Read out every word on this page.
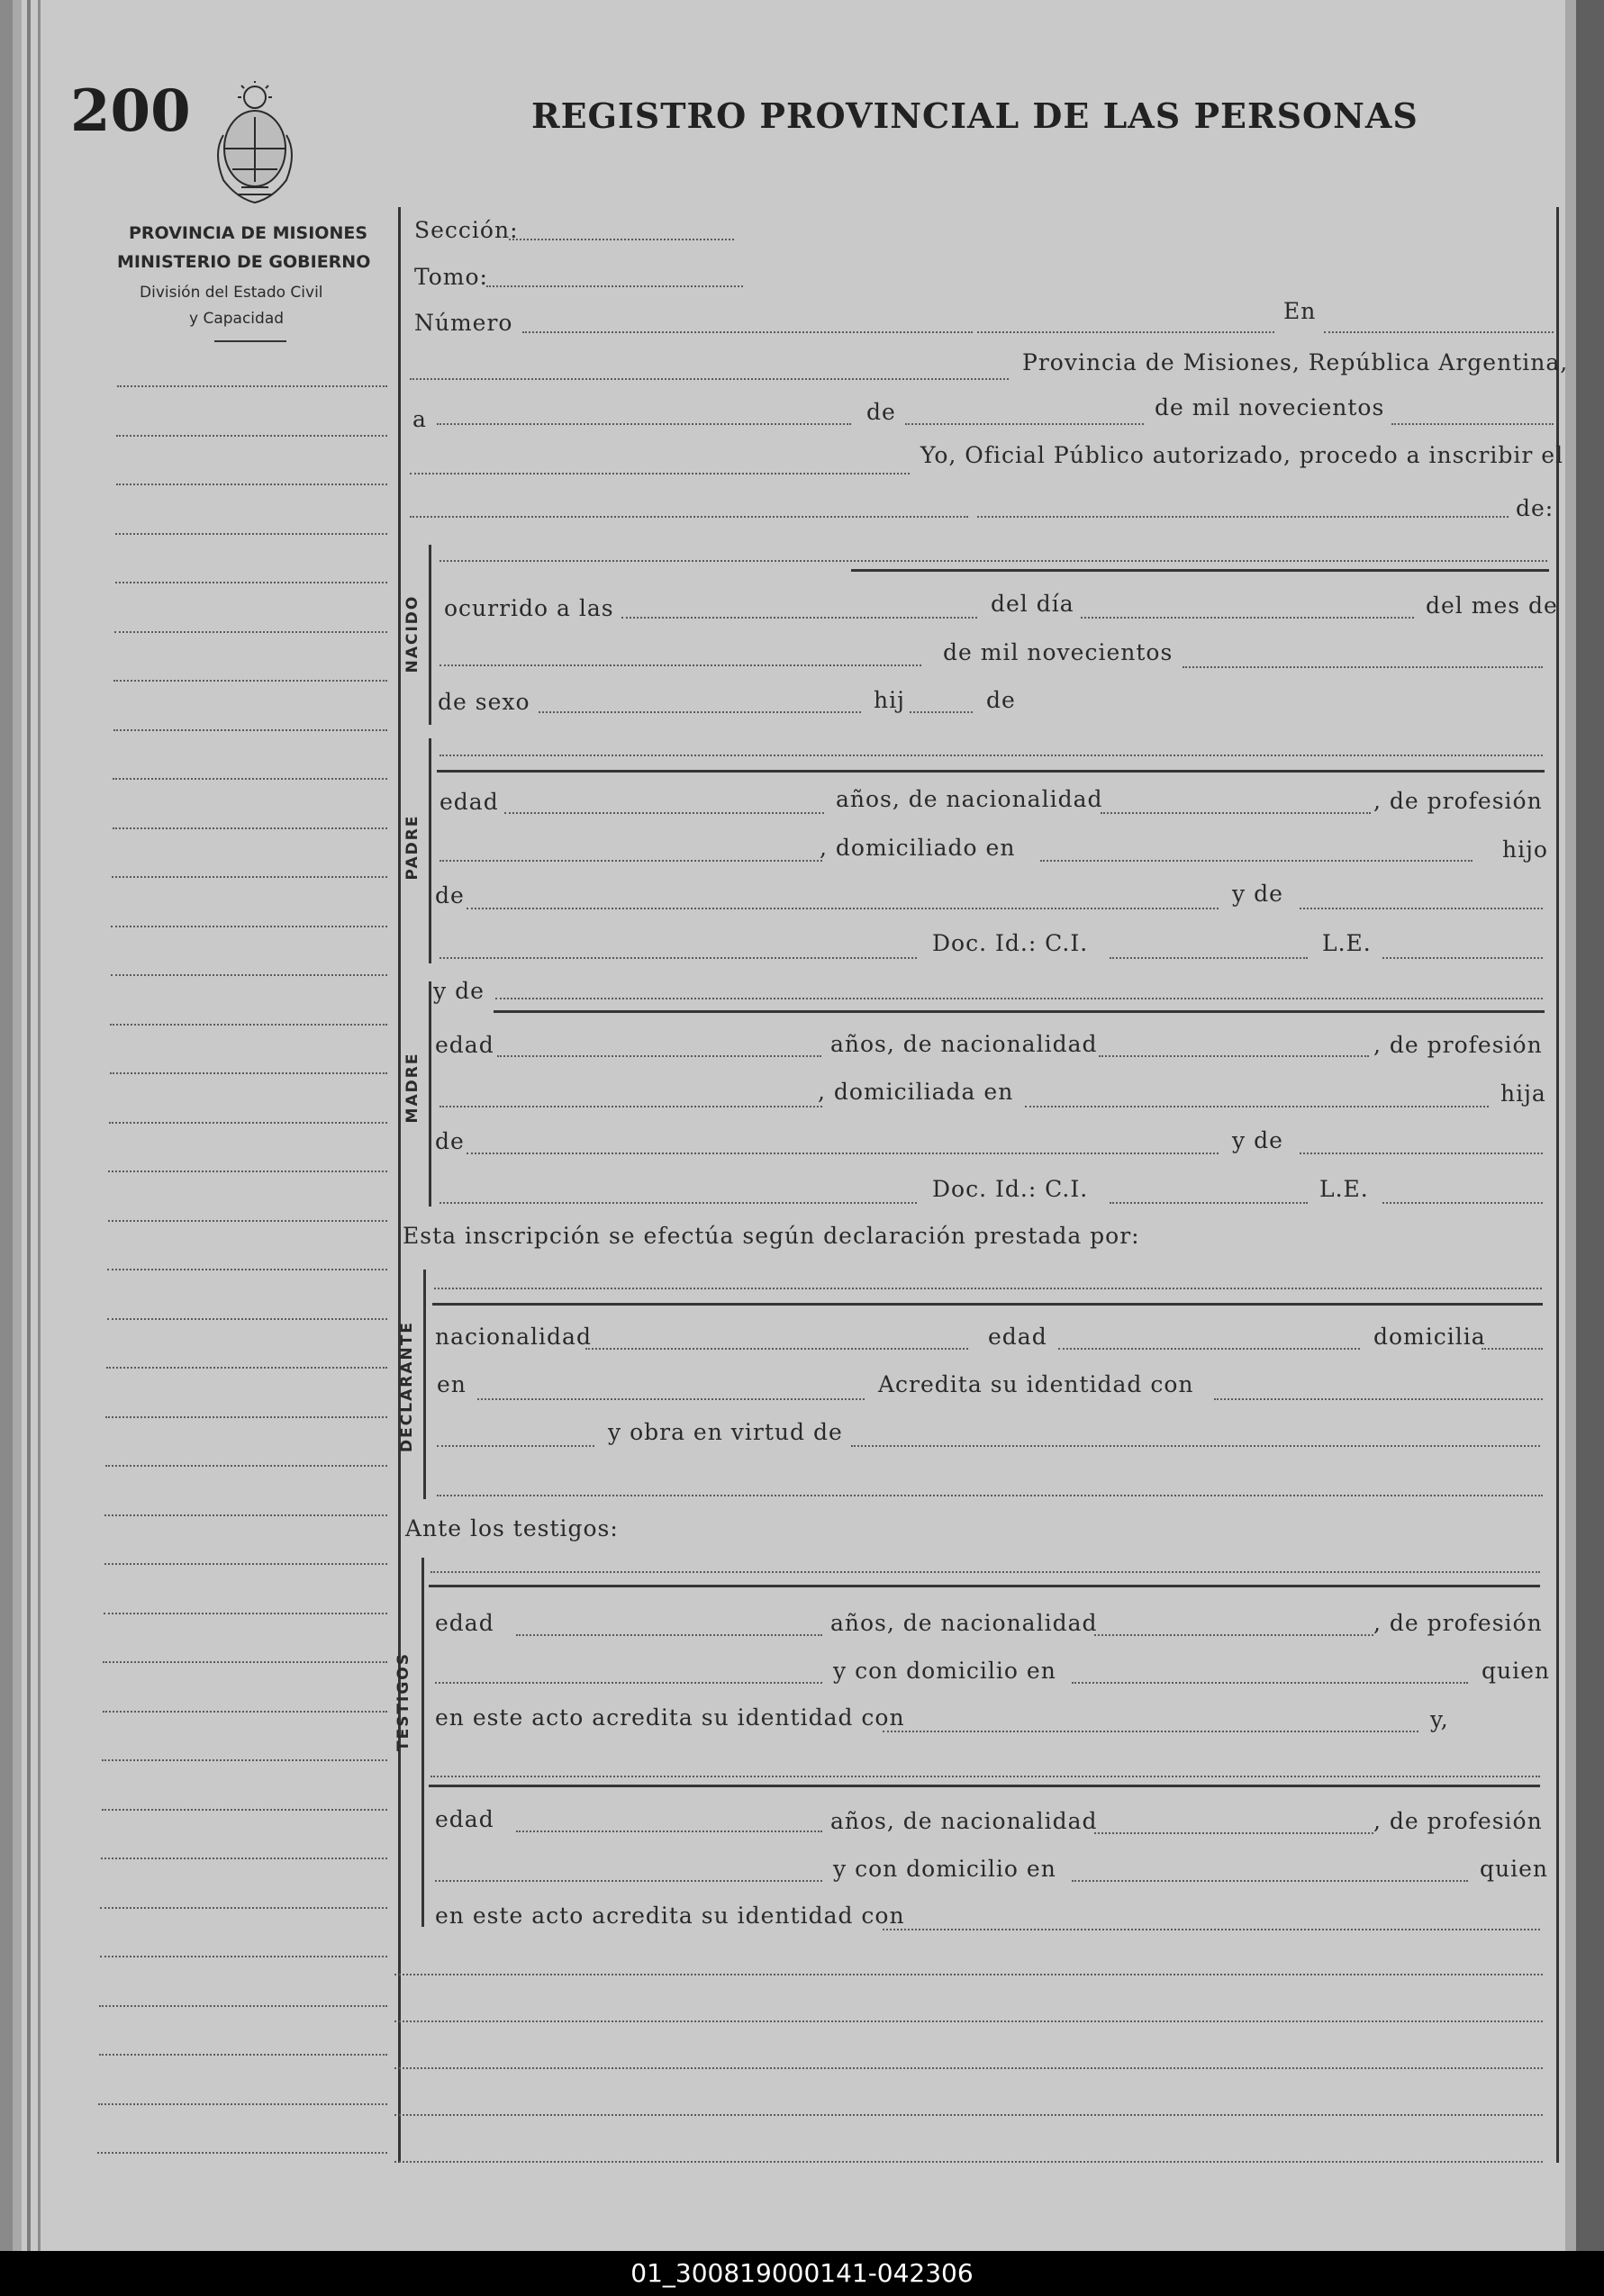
200	REGISTRO PROVINCIAL DE LAS PERSONAS
PROVINCIA DE MISIONES
MINISTERIO DE GOBIERNO
División del Estado Civil
y Capacidad
Sección:
Tomo:
Número	En
Provincia de Misiones, República Argentina,
a	de	de mil novecientos
Yo, Oficial Público autorizado, procedo a inscribir el
de:
NACIDO ocurrido a las	del día	del mes de
de mil novecientos
de sexo	hij	de
PADRE
edad	años, de nacionalidad	, de profesión
, domiciliado en	hijo
de	y de
Doc. Id.: C.I.	L.E.
MADRE
y de
edad	años, de nacionalidad	, de profesión
, domiciliada en	hija
de	y de
Doc. Id.: C.I.	L.E.
Esta inscripción se efectúa según declaración prestada por:
DECLARANTE nacionalidad	edad	domicilia
en	Acredita su identidad con
y obra en virtud de
Ante los testigos:
TESTIGOS
edad	años, de nacionalidad	, de profesión
y con domicilio en	quien
en este acto acredita su identidad con	y,
edad	años, de nacionalidad	, de profesión
y con domicilio en	quien
en este acto acredita su identidad con
01_300819000141-042306
